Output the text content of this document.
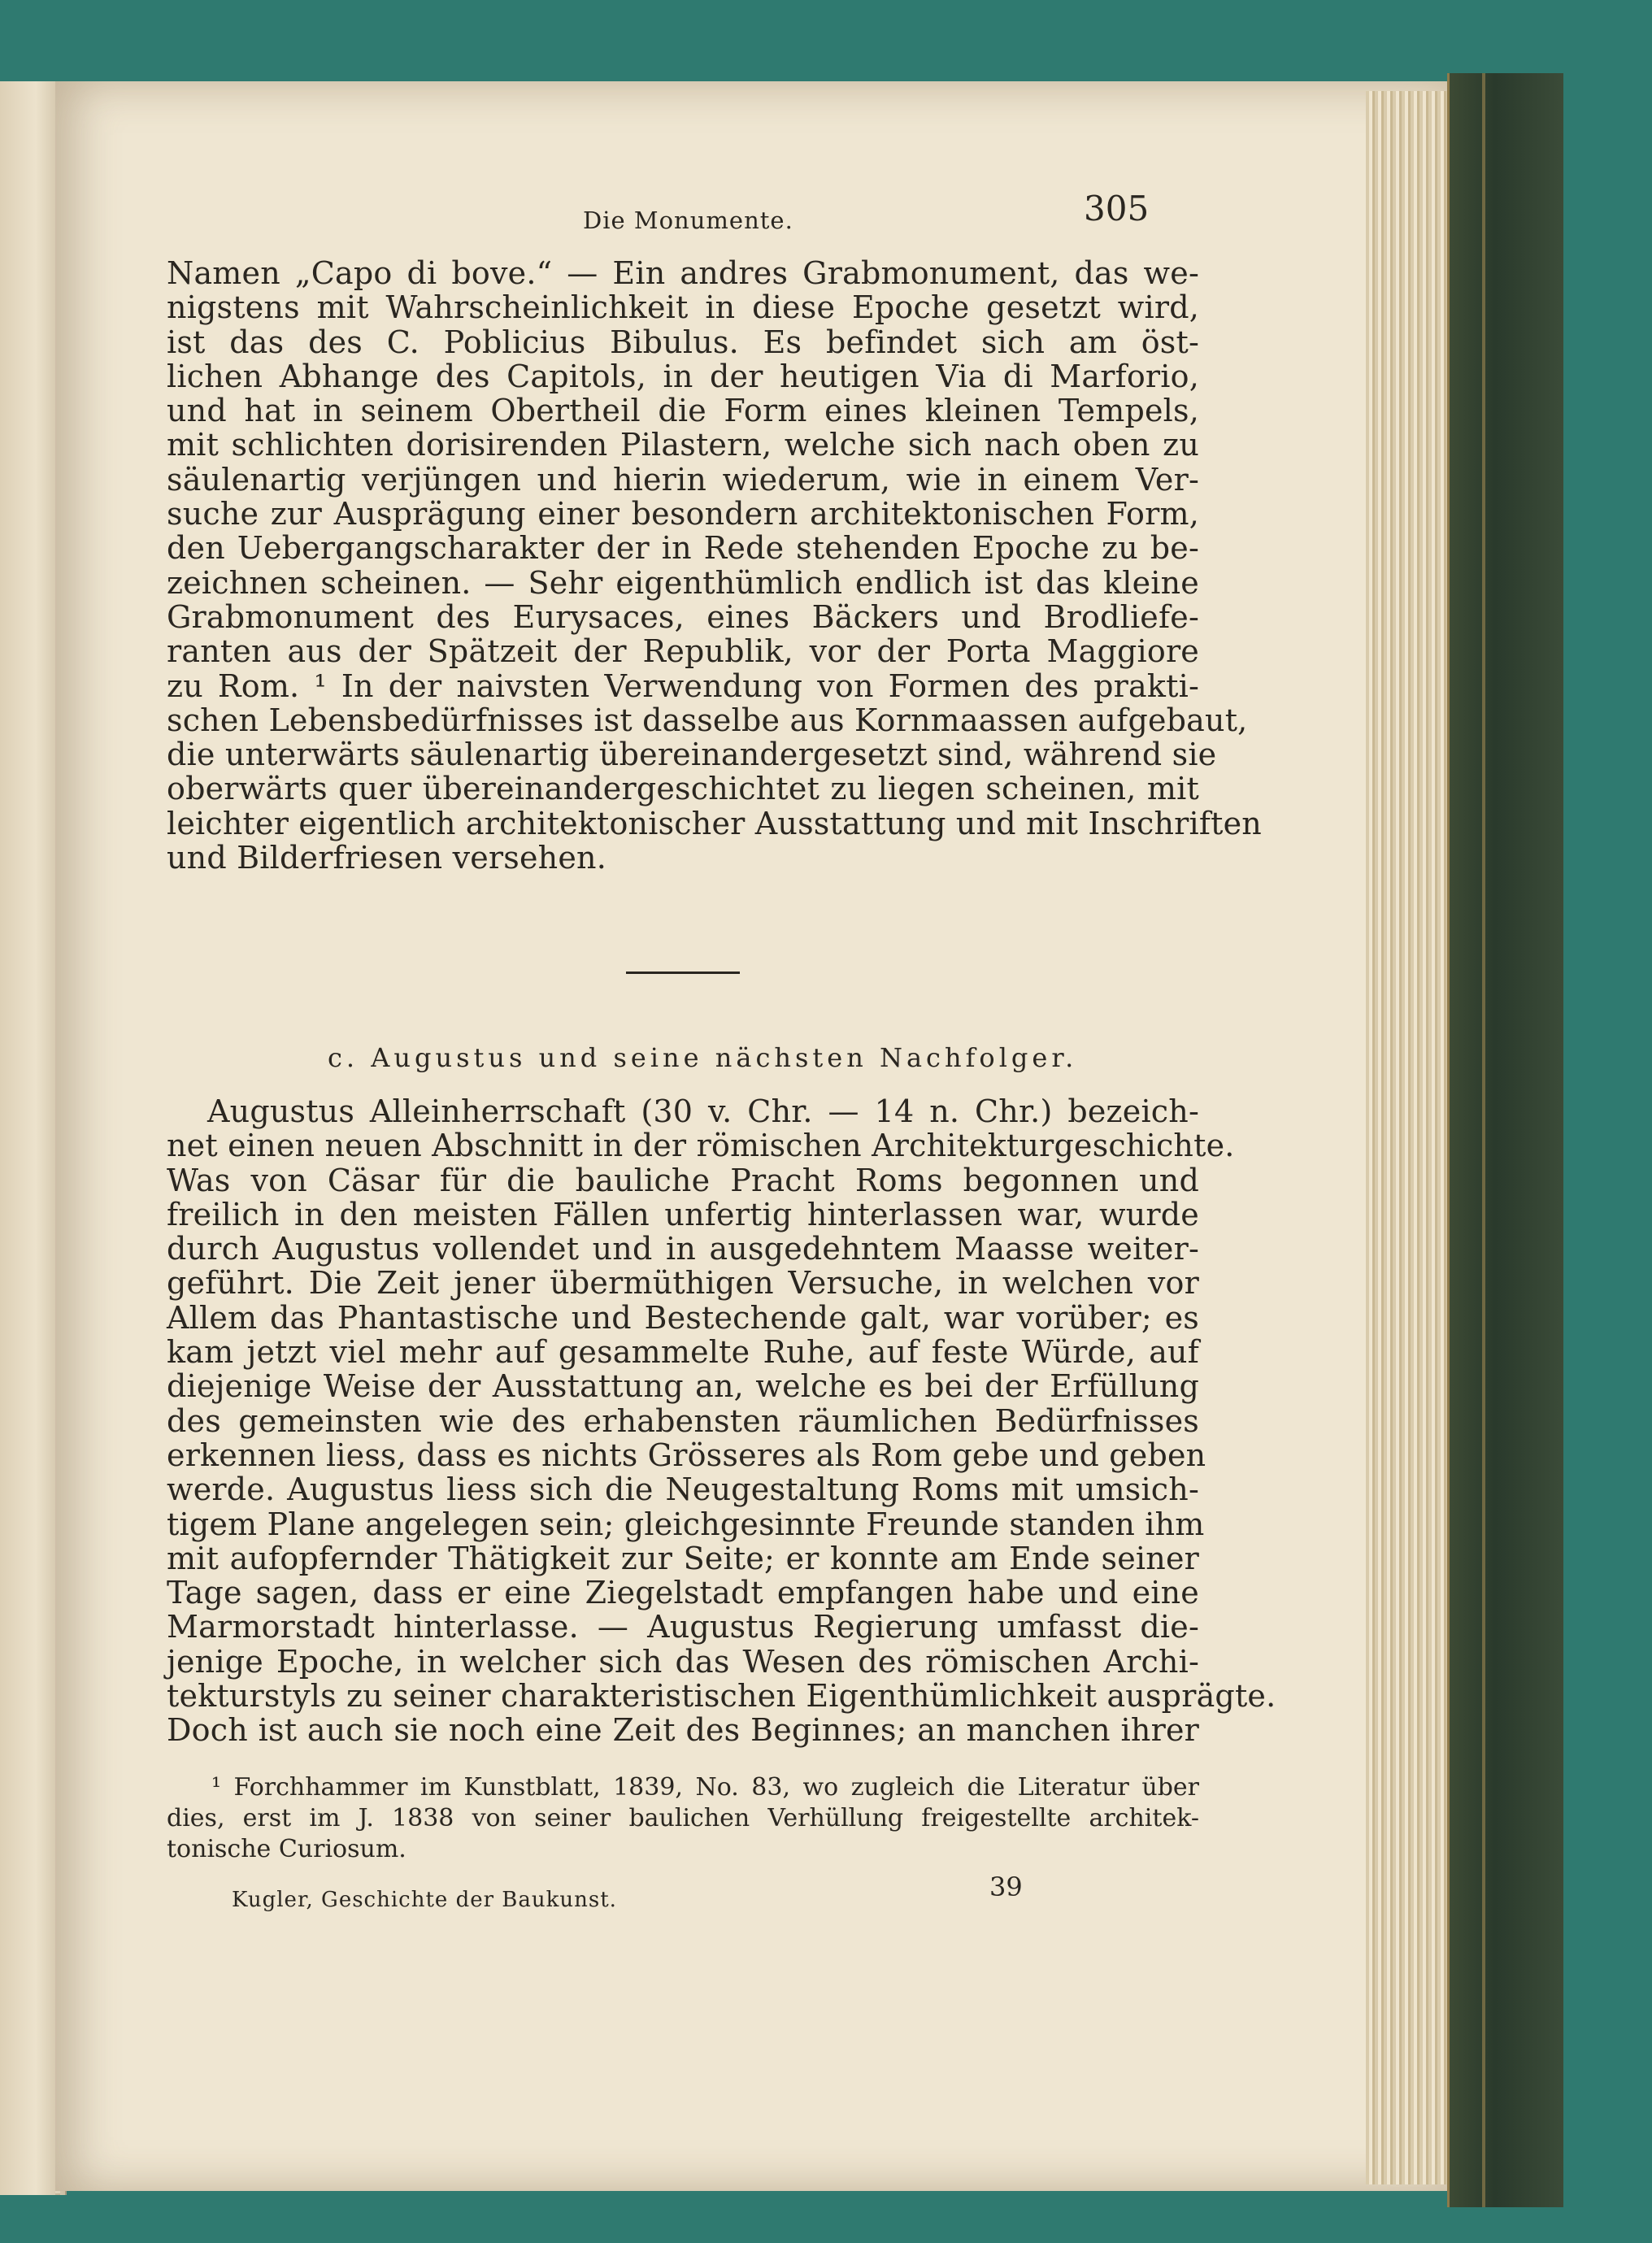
Die Monumente.	305
Namen „Capo di bove.“ — Ein andres Grabmonument, das we-
nigstens mit Wahrscheinlichkeit in diese Epoche gesetzt wird,
ist das des C. Poblicius Bibulus. Es befindet sich am öst-
lichen Abhange des Capitols, in der heutigen Via di Marforio,
und hat in seinem Obertheil die Form eines kleinen Tempels,
mit schlichten dorisirenden Pilastern, welche sich nach oben zu
säulenartig verjüngen und hierin wiederum, wie in einem Ver-
suche zur Ausprägung einer besondern architektonischen Form,
den Uebergangscharakter der in Rede stehenden Epoche zu be-
zeichnen scheinen. — Sehr eigenthümlich endlich ist das kleine
Grabmonument des Eurysaces, eines Bäckers und Brodliefe-
ranten aus der Spätzeit der Republik, vor der Porta Maggiore
zu Rom. ¹ In der naivsten Verwendung von Formen des prakti-
schen Lebensbedürfnisses ist dasselbe aus Kornmaassen aufgebaut,
die unterwärts säulenartig übereinandergesetzt sind, während sie
oberwärts quer übereinandergeschichtet zu liegen scheinen, mit
leichter eigentlich architektonischer Ausstattung und mit Inschriften
und Bilderfriesen versehen.
c. Augustus und seine nächsten Nachfolger.
Augustus Alleinherrschaft (30 v. Chr. — 14 n. Chr.) bezeich-
net einen neuen Abschnitt in der römischen Architekturgeschichte.
Was von Cäsar für die bauliche Pracht Roms begonnen und
freilich in den meisten Fällen unfertig hinterlassen war, wurde
durch Augustus vollendet und in ausgedehntem Maasse weiter-
geführt. Die Zeit jener übermüthigen Versuche, in welchen vor
Allem das Phantastische und Bestechende galt, war vorüber; es
kam jetzt viel mehr auf gesammelte Ruhe, auf feste Würde, auf
diejenige Weise der Ausstattung an, welche es bei der Erfüllung
des gemeinsten wie des erhabensten räumlichen Bedürfnisses
erkennen liess, dass es nichts Grösseres als Rom gebe und geben
werde. Augustus liess sich die Neugestaltung Roms mit umsich-
tigem Plane angelegen sein; gleichgesinnte Freunde standen ihm
mit aufopfernder Thätigkeit zur Seite; er konnte am Ende seiner
Tage sagen, dass er eine Ziegelstadt empfangen habe und eine
Marmorstadt hinterlasse. — Augustus Regierung umfasst die-
jenige Epoche, in welcher sich das Wesen des römischen Archi-
tekturstyls zu seiner charakteristischen Eigenthümlichkeit ausprägte.
Doch ist auch sie noch eine Zeit des Beginnes; an manchen ihrer
¹ Forchhammer im Kunstblatt, 1839, No. 83, wo zugleich die Literatur über
dies, erst im J. 1838 von seiner baulichen Verhüllung freigestellte architek-
tonische Curiosum.
Kugler, Geschichte der Baukunst.	39
